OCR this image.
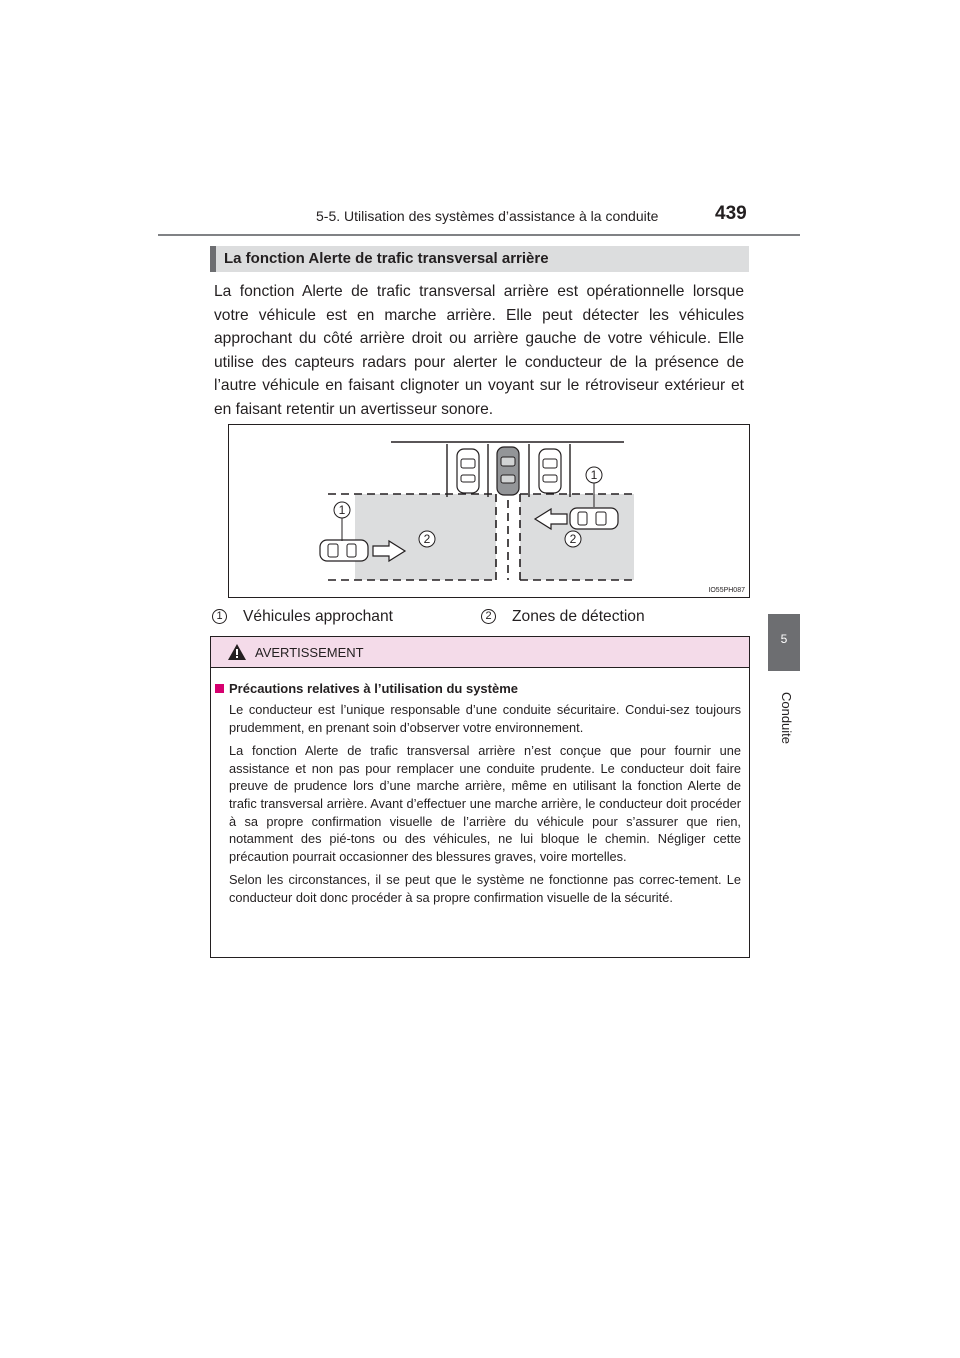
5-5. Utilisation des systèmes d’assistance à la conduite	439
5
Conduite
La fonction Alerte de trafic transversal arrière

La fonction Alerte de trafic transversal arrière est opérationnelle lorsque votre véhicule est en marche arrière. Elle peut détecter les véhicules approchant du côté arrière droit ou arrière gauche de votre véhicule. Elle utilise des capteurs radars pour alerter le conducteur de la présence de l’autre véhicule en faisant clignoter un voyant sur le rétroviseur extérieur et en faisant retentir un avertisseur sonore.

1
1
2	2
IO55PH087
1 Véhicules approchant	2 Zones de détection
AVERTISSEMENT
Précautions relatives à l’utilisation du système

Le conducteur est l’unique responsable d’une conduite sécuritaire. Condui-sez toujours prudemment, en prenant soin d’observer votre environnement.

La fonction Alerte de trafic transversal arrière n’est conçue que pour fournir une assistance et non pas pour remplacer une conduite prudente. Le conducteur doit faire preuve de prudence lors d’une marche arrière, même en utilisant la fonction Alerte de trafic transversal arrière. Avant d’effectuer une marche arrière, le conducteur doit procéder à sa propre confirmation visuelle de l’arrière du véhicule pour s’assurer que rien, notamment des pié-tons ou des véhicules, ne lui bloque le chemin. Négliger cette précaution pourrait occasionner des blessures graves, voire mortelles.

Selon les circonstances, il se peut que le système ne fonctionne pas correc-tement. Le conducteur doit donc procéder à sa propre confirmation visuelle de la sécurité.
